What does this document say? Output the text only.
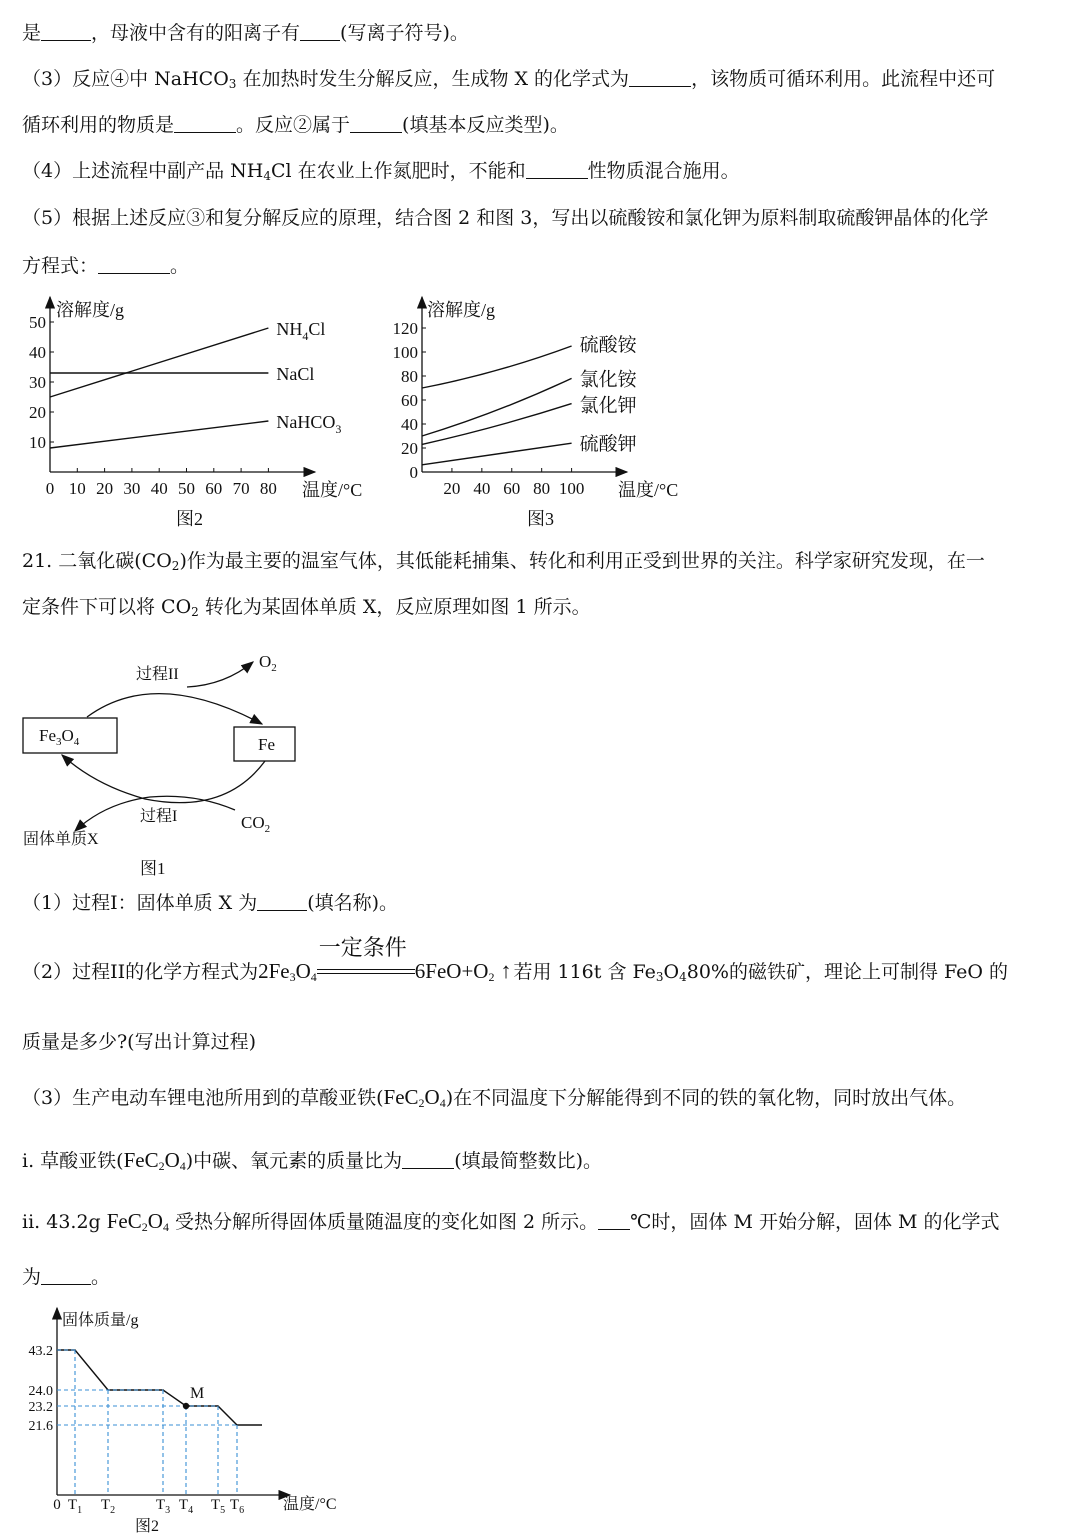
是	，母液中含有的阳离子有 (写离子符号)。
（3）反应④中 NaHCO$_3$ 在加热时发生分解反应，生成物 X 的化学式为	，该物质可循环利用。此流程中还可
循环利用的物质是	。反应②属于	(填基本反应类型)。
（4）上述流程中副产品 $NH_4Cl$ 在农业上作氮肥时，不能和	性物质混合施用。
（5）根据上述反应③和复分解反应的原理，结合图 2 和图 3，写出以硫酸铵和氯化钾为原料制取硫酸钾晶体的化学
方程式：	。
溶解度/g
温度/°C
0 10 20 30 40 50 60 70 80
10
20
30
40
50	$NH_4Cl$
NaCl
NaHCO$_3$
图2
溶解度/g
温度/°C
20 40 60 80 100
0
20
40
60
80
100
120
硫酸铵
氯化铵
氯化钾
硫酸钾
图3
21. 二氧化碳$(CO_2)$作为最主要的温室气体，其低能耗捕集、转化和利用正受到世界的关注。科学家研究发现，在一
定条件下可以将 $CO_2$ 转化为某固体单质 X，反应原理如图 1 所示。
$Fe_3O_4$	Fe
过程II
$O_2$
过程I	$CO_2$
固体单质X
图1
（1）过程I：固体单质 X 为	(填名称)。
（2）过程II的化学方程式为$2Fe_3O_4$
一定条件
$6FeO+O_2$ ↑ 若用 116t 含 $Fe_3O_480\%$的磁铁矿，理论上可制得 FeO 的
质量是多少?(写出计算过程)
（3）生产电动车锂电池所用到的草酸亚铁$(FeC_2O_4)$在不同温度下分解能得到不同的铁的氧化物，同时放出气体。
i. 草酸亚铁$(FeC_2O_4)$中碳、氧元素的质量比为	(填最简整数比)。
ii. 43.2g $FeC_2O_4$ 受热分解所得固体质量随温度的变化如图 2 所示。 ℃时，固体 M 开始分解，固体 M 的化学式
为	。
固体质量/g
温度/°C
43.2
24.0
23.2
21.6
0 $T_1$ $T_2$	$T_3$ $T_4$ $T_5$ $T_6$
M
图2
